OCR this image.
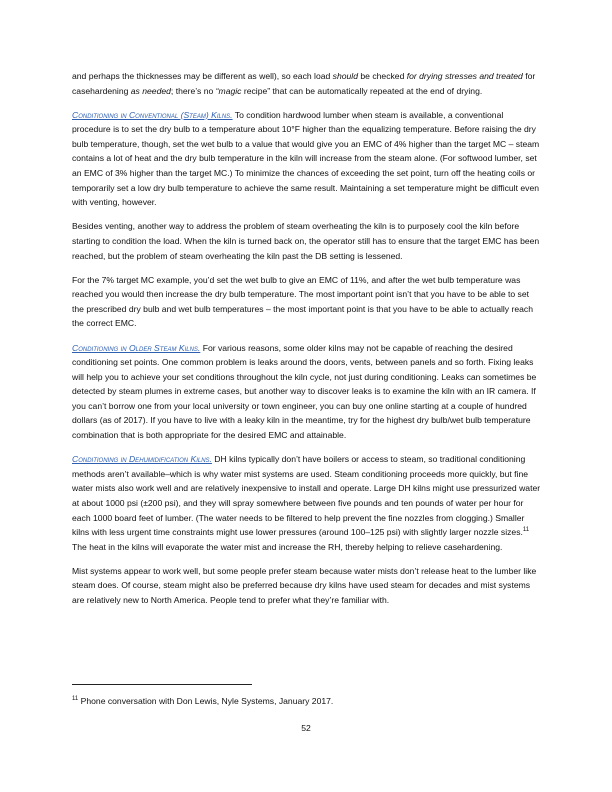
and perhaps the thicknesses may be different as well), so each load should be checked for drying stresses and treated for casehardening as needed; there’s no “magic recipe” that can be automatically repeated at the end of drying.

Conditioning in Conventional (Steam) Kilns. To condition hardwood lumber when steam is available, a conventional procedure is to set the dry bulb to a temperature about 10°F higher than the equalizing temperature. Before raising the dry bulb temperature, though, set the wet bulb to a value that would give you an EMC of 4% higher than the target MC – steam contains a lot of heat and the dry bulb temperature in the kiln will increase from the steam alone. (For softwood lumber, set an EMC of 3% higher than the target MC.) To minimize the chances of exceeding the set point, turn off the heating coils or temporarily set a low dry bulb temperature to achieve the same result. Maintaining a set temperature might be difficult even with venting, however.

Besides venting, another way to address the problem of steam overheating the kiln is to purposely cool the kiln before starting to condition the load. When the kiln is turned back on, the operator still has to ensure that the target EMC has been reached, but the problem of steam overheating the kiln past the DB setting is lessened.

For the 7% target MC example, you’d set the wet bulb to give an EMC of 11%, and after the wet bulb temperature was reached you would then increase the dry bulb temperature. The most important point isn’t that you have to be able to set the prescribed dry bulb and wet bulb temperatures – the most important point is that you have to be able to actually reach the correct EMC.

Conditioning in Older Steam Kilns. For various reasons, some older kilns may not be capable of reaching the desired conditioning set points. One common problem is leaks around the doors, vents, between panels and so forth. Fixing leaks will help you to achieve your set conditions throughout the kiln cycle, not just during conditioning. Leaks can sometimes be detected by steam plumes in extreme cases, but another way to discover leaks is to examine the kiln with an IR camera. If you can’t borrow one from your local university or town engineer, you can buy one online starting at a couple of hundred dollars (as of 2017). If you have to live with a leaky kiln in the meantime, try for the highest dry bulb/wet bulb temperature combination that is both appropriate for the desired EMC and attainable.

Conditioning in Dehumidification Kilns. DH kilns typically don’t have boilers or access to steam, so traditional conditioning methods aren’t available–which is why water mist systems are used. Steam conditioning proceeds more quickly, but fine water mists also work well and are relatively inexpensive to install and operate. Large DH kilns might use pressurized water at about 1000 psi (±200 psi), and they will spray somewhere between five pounds and ten pounds of water per hour for each 1000 board feet of lumber. (The water needs to be filtered to help prevent the fine nozzles from clogging.) Smaller kilns with less urgent time constraints might use lower pressures (around 100–125 psi) with slightly larger nozzle sizes.$^{11}$ The heat in the kilns will evaporate the water mist and increase the RH, thereby helping to relieve casehardening.

Mist systems appear to work well, but some people prefer steam because water mists don’t release heat to the lumber like steam does. Of course, steam might also be preferred because dry kilns have used steam for decades and mist systems are relatively new to North America. People tend to prefer what they’re familiar with.

$^{11}$ Phone conversation with Don Lewis, Nyle Systems, January 2017.
52
